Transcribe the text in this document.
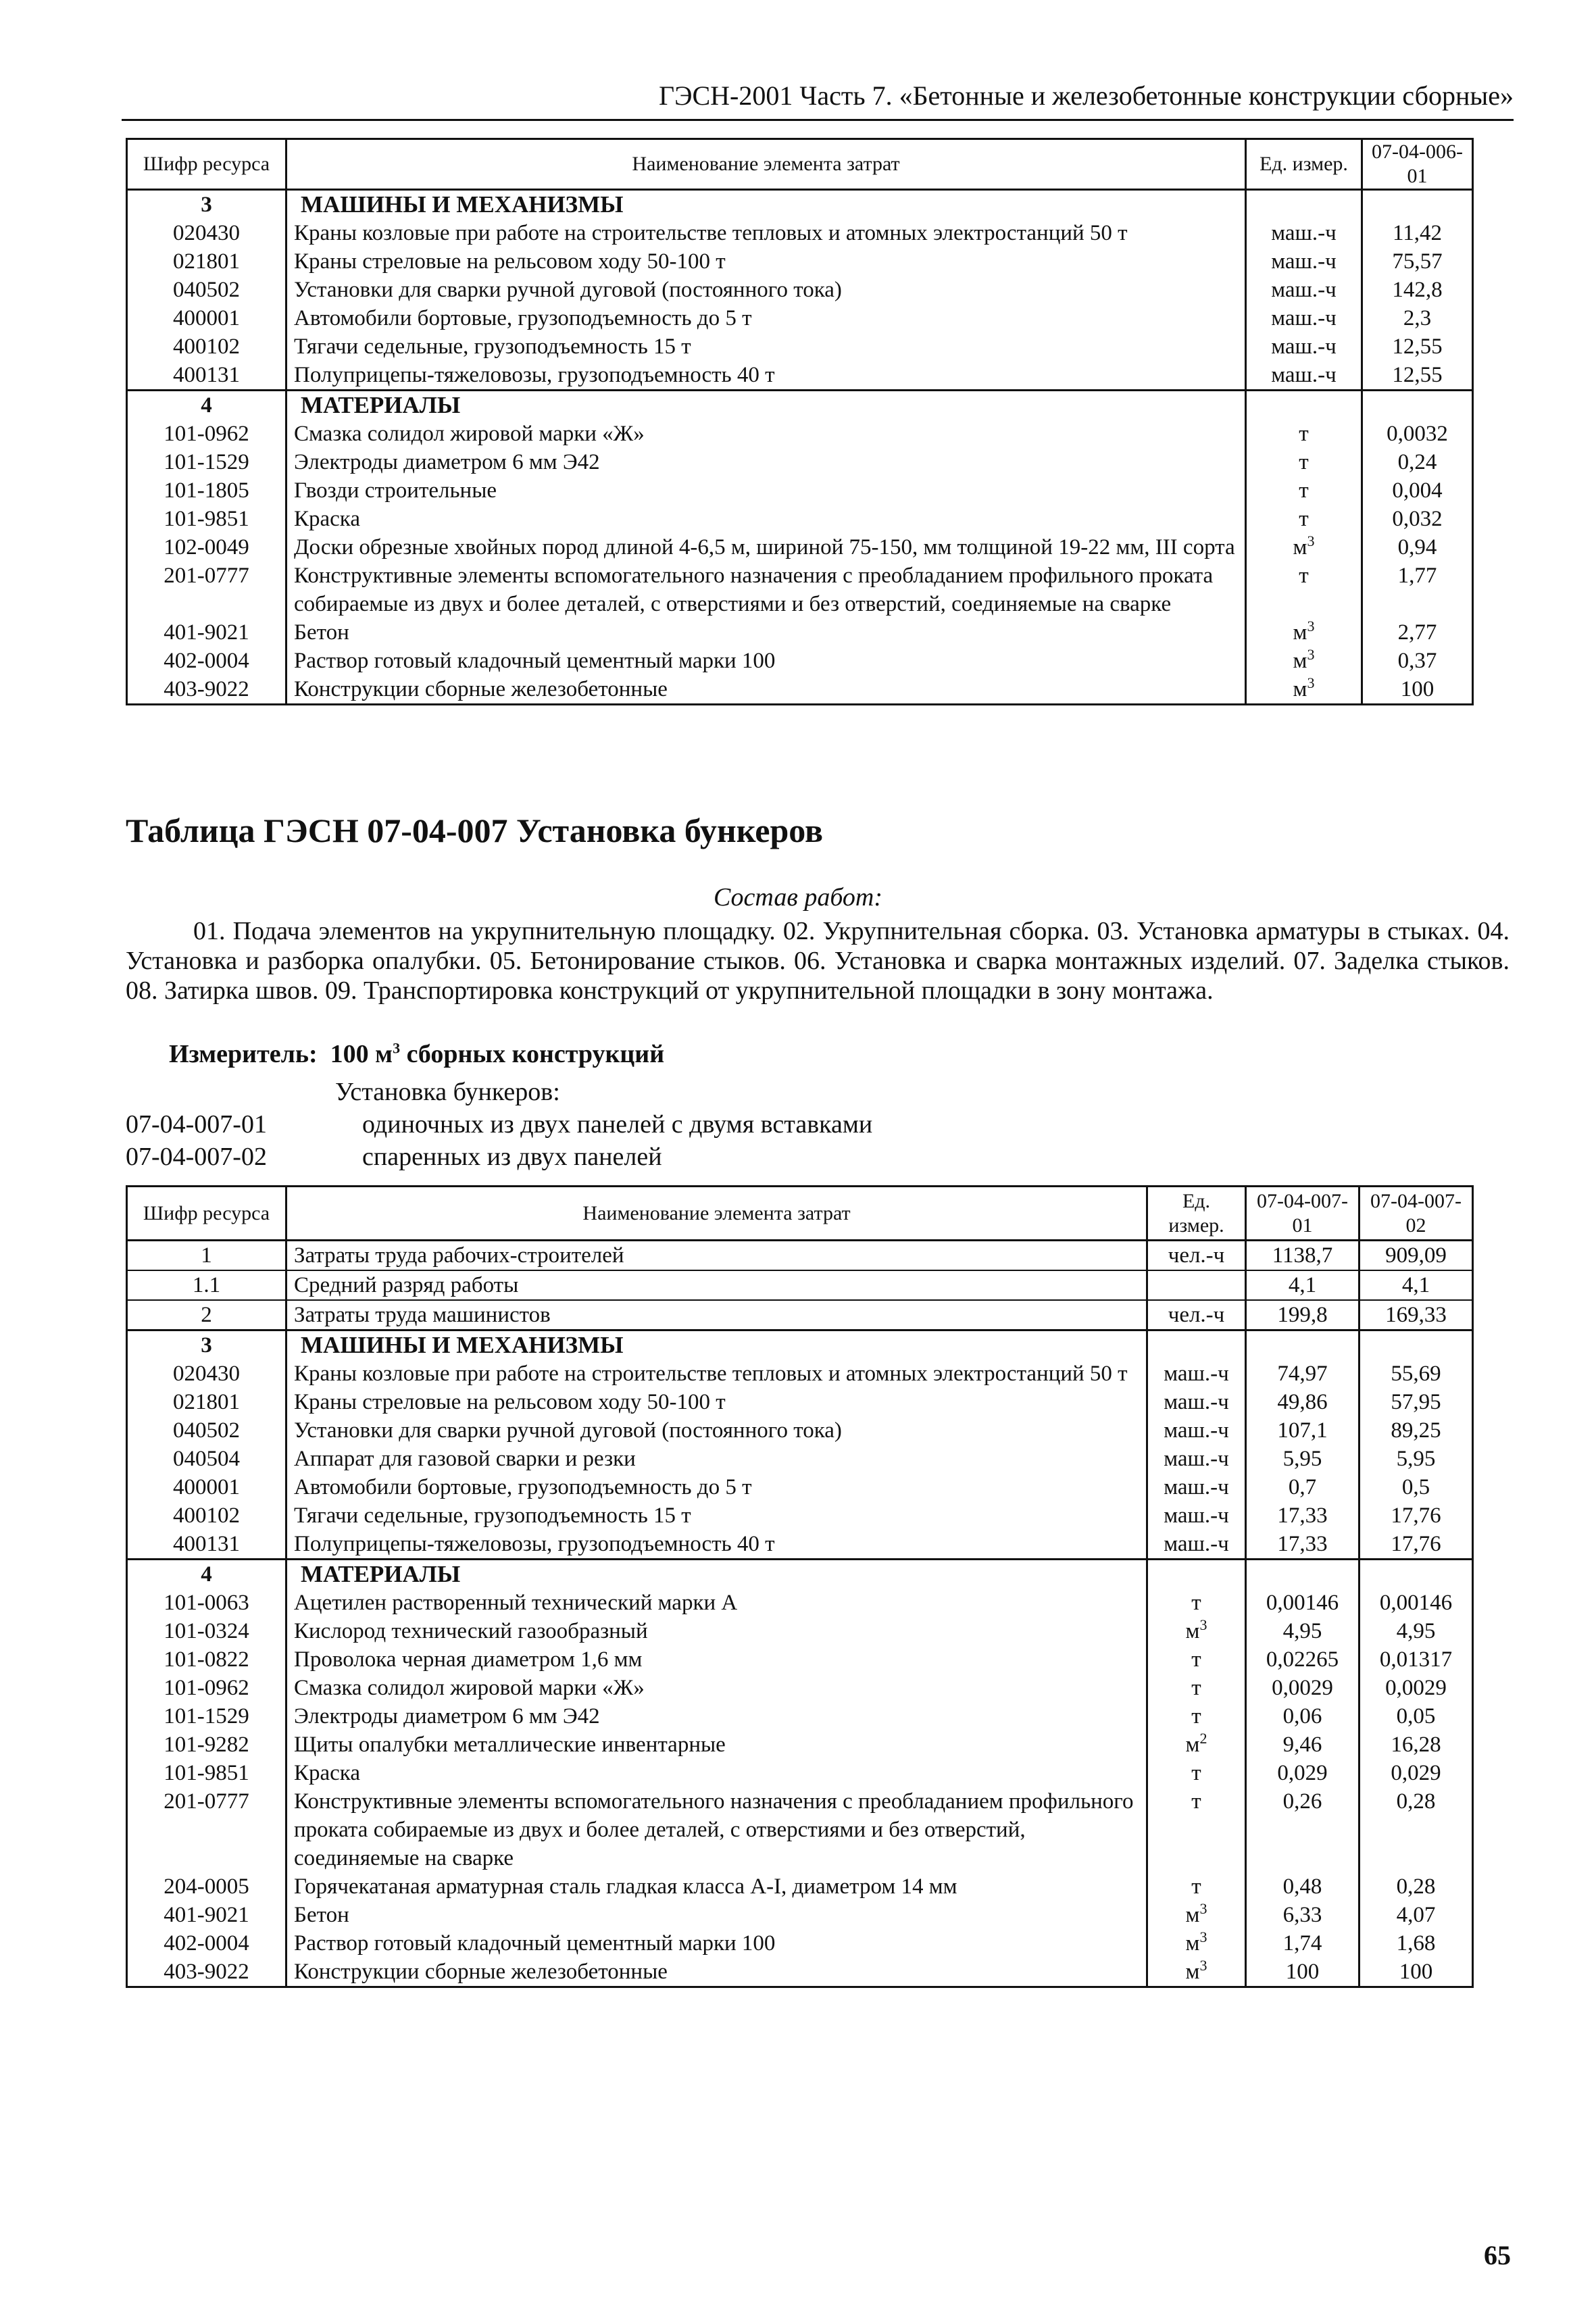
ГЭСН-2001 Часть 7. «Бетонные и железобетонные конструкции сборные»
Шифр ресурса	Наименование элемента затрат	Ед. измер.	07-04-006-01
3	МАШИНЫ И МЕХАНИЗМЫ		
020430	Краны козловые при работе на строительстве тепловых и атомных электростанций 50 т	маш.-ч	11,42
021801	Краны стреловые на рельсовом ходу 50-100 т	маш.-ч	75,57
040502	Установки для сварки ручной дуговой (постоянного тока)	маш.-ч	142,8
400001	Автомобили бортовые, грузоподъемность до 5 т	маш.-ч	2,3
400102	Тягачи седельные, грузоподъемность 15 т	маш.-ч	12,55
400131	Полуприцепы-тяжеловозы, грузоподъемность 40 т	маш.-ч	12,55
4	МАТЕРИАЛЫ		
101-0962	Смазка солидол жировой марки «Ж»	т	0,0032
101-1529	Электроды диаметром 6 мм Э42	т	0,24
101-1805	Гвозди строительные	т	0,004
101-9851	Краска	т	0,032
102-0049	Доски обрезные хвойных пород длиной 4-6,5 м, шириной 75-150, мм толщиной 19-22 мм, III сорта	$м^3$	0,94
201-0777	Конструктивные элементы вспомогательного назначения с преобладанием профильного проката собираемые из двух и более деталей, с отверстиями и без отверстий, соединяемые на сварке	т	1,77
401-9021	Бетон	$м^3$	2,77
402-0004	Раствор готовый кладочный цементный марки 100	$м^3$	0,37
403-9022	Конструкции сборные железобетонные	$м^3$	100
Таблица ГЭСН 07-04-007 Установка бункеров
Состав работ:
01. Подача элементов на укрупнительную площадку. 02. Укрупнительная сборка. 03. Установка арматуры в стыках. 04. Установка и разборка опалубки. 05. Бетонирование стыков. 06. Установка и сварка монтажных изделий. 07. Заделка стыков. 08. Затирка швов. 09. Транспортировка конструкций от укрупнительной площадки в зону монтажа.
Измеритель: 100 $м^3$ сборных конструкций
Установка бункеров:
07-04-007-01	одиночных из двух панелей с двумя вставками
07-04-007-02	спаренных из двух панелей
Шифр ресурса	Наименование элемента затрат	Ед. измер.	07-04-007-01	07-04-007-02
1	Затраты труда рабочих-строителей	чел.-ч	1138,7	909,09
1.1	Средний разряд работы		4,1	4,1
2	Затраты труда машинистов	чел.-ч	199,8	169,33
3	МАШИНЫ И МЕХАНИЗМЫ			
020430	Краны козловые при работе на строительстве тепловых и атомных электростанций 50 т	маш.-ч	74,97	55,69
021801	Краны стреловые на рельсовом ходу 50-100 т	маш.-ч	49,86	57,95
040502	Установки для сварки ручной дуговой (постоянного тока)	маш.-ч	107,1	89,25
040504	Аппарат для газовой сварки и резки	маш.-ч	5,95	5,95
400001	Автомобили бортовые, грузоподъемность до 5 т	маш.-ч	0,7	0,5
400102	Тягачи седельные, грузоподъемность 15 т	маш.-ч	17,33	17,76
400131	Полуприцепы-тяжеловозы, грузоподъемность 40 т	маш.-ч	17,33	17,76
4	МАТЕРИАЛЫ			
101-0063	Ацетилен растворенный технический марки А	т	0,00146	0,00146
101-0324	Кислород технический газообразный	$м^3$	4,95	4,95
101-0822	Проволока черная диаметром 1,6 мм	т	0,02265	0,01317
101-0962	Смазка солидол жировой марки «Ж»	т	0,0029	0,0029
101-1529	Электроды диаметром 6 мм Э42	т	0,06	0,05
101-9282	Щиты опалубки металлические инвентарные	$м^2$	9,46	16,28
101-9851	Краска	т	0,029	0,029
201-0777	Конструктивные элементы вспомогательного назначения с преобладанием профильного проката собираемые из двух и более деталей, с отверстиями и без отверстий, соединяемые на сварке	т	0,26	0,28
204-0005	Горячекатаная арматурная сталь гладкая класса А-I, диаметром 14 мм	т	0,48	0,28
401-9021	Бетон	$м^3$	6,33	4,07
402-0004	Раствор готовый кладочный цементный марки 100	$м^3$	1,74	1,68
403-9022	Конструкции сборные железобетонные	$м^3$	100	100
65
